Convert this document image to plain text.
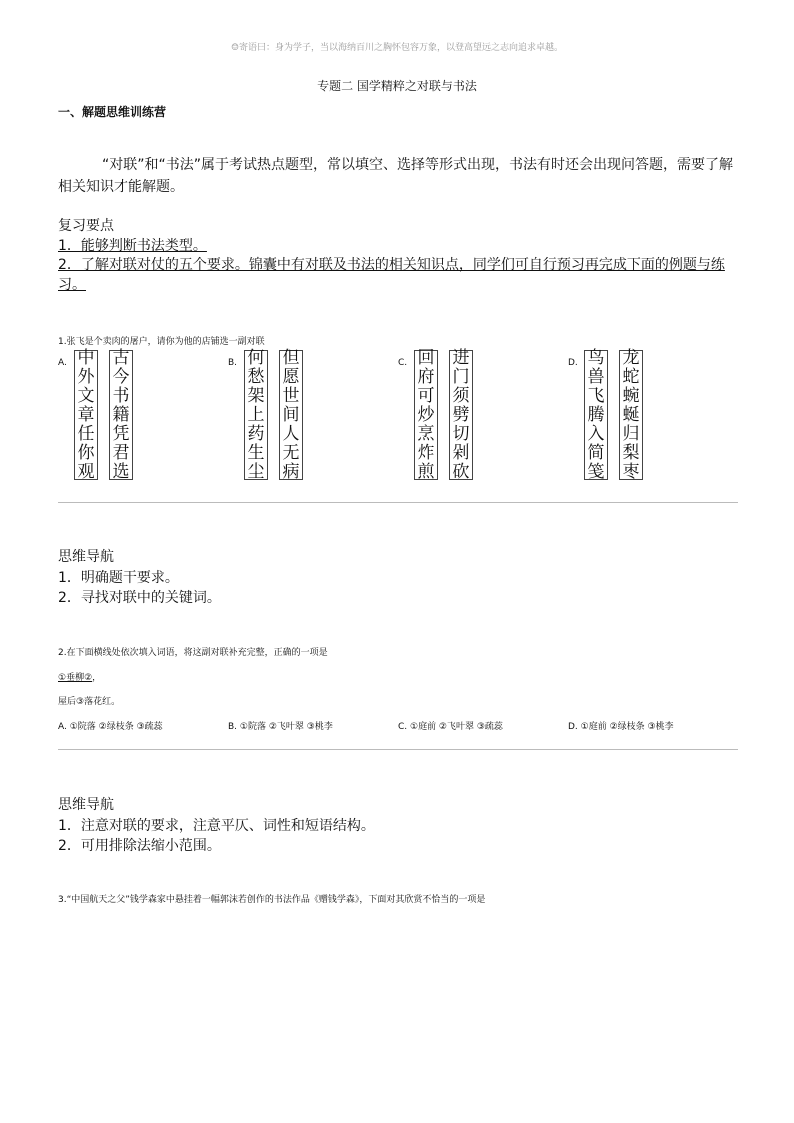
☺寄语曰：身为学子，当以海纳百川之胸怀包容万象，以登高望远之志向追求卓越。
专题二 国学精粹之对联与书法
一、解题思维训练营
“对联”和“书法”属于考试热点题型，常以填空、选择等形式出现，书法有时还会出现问答题，需要了解相关知识才能解题。
复习要点
1．能够判断书法类型。
2．了解对联对仗的五个要求。锦囊中有对联及书法的相关知识点，同学们可自行预习再完成下面的例题与练习。
1.张飞是个卖肉的屠户，请你为他的店铺选一副对联
A. 中
外
文
章
任
你
观
古
今
书
籍
凭
君
选
B. 何
愁
架
上
药
生
尘
但
愿
世
间
人
无
病
C. 回
府
可
炒
烹
炸
煎
进
门
须
劈
切
剁
砍
D. 鸟
兽
飞
腾
入
简
笺
龙
蛇
蜿
蜒
归
梨
枣
思维导航
1．明确题干要求。
2．寻找对联中的关键词。
2.在下面横线处依次填入词语，将这副对联补充完整，正确的一项是
①垂柳②，
屋后③落花红。
A. ①院落 ②绿枝条 ③疏蕊	B. ①院落 ②飞叶翠 ③桃李	C. ①庭前 ②飞叶翠 ③疏蕊	D. ①庭前 ②绿枝条 ③桃李
思维导航
1．注意对联的要求，注意平仄、词性和短语结构。
2．可用排除法缩小范围。
3.“中国航天之父”钱学森家中悬挂着一幅郭沫若创作的书法作品《赠钱学森》，下面对其欣赏不恰当的一项是
